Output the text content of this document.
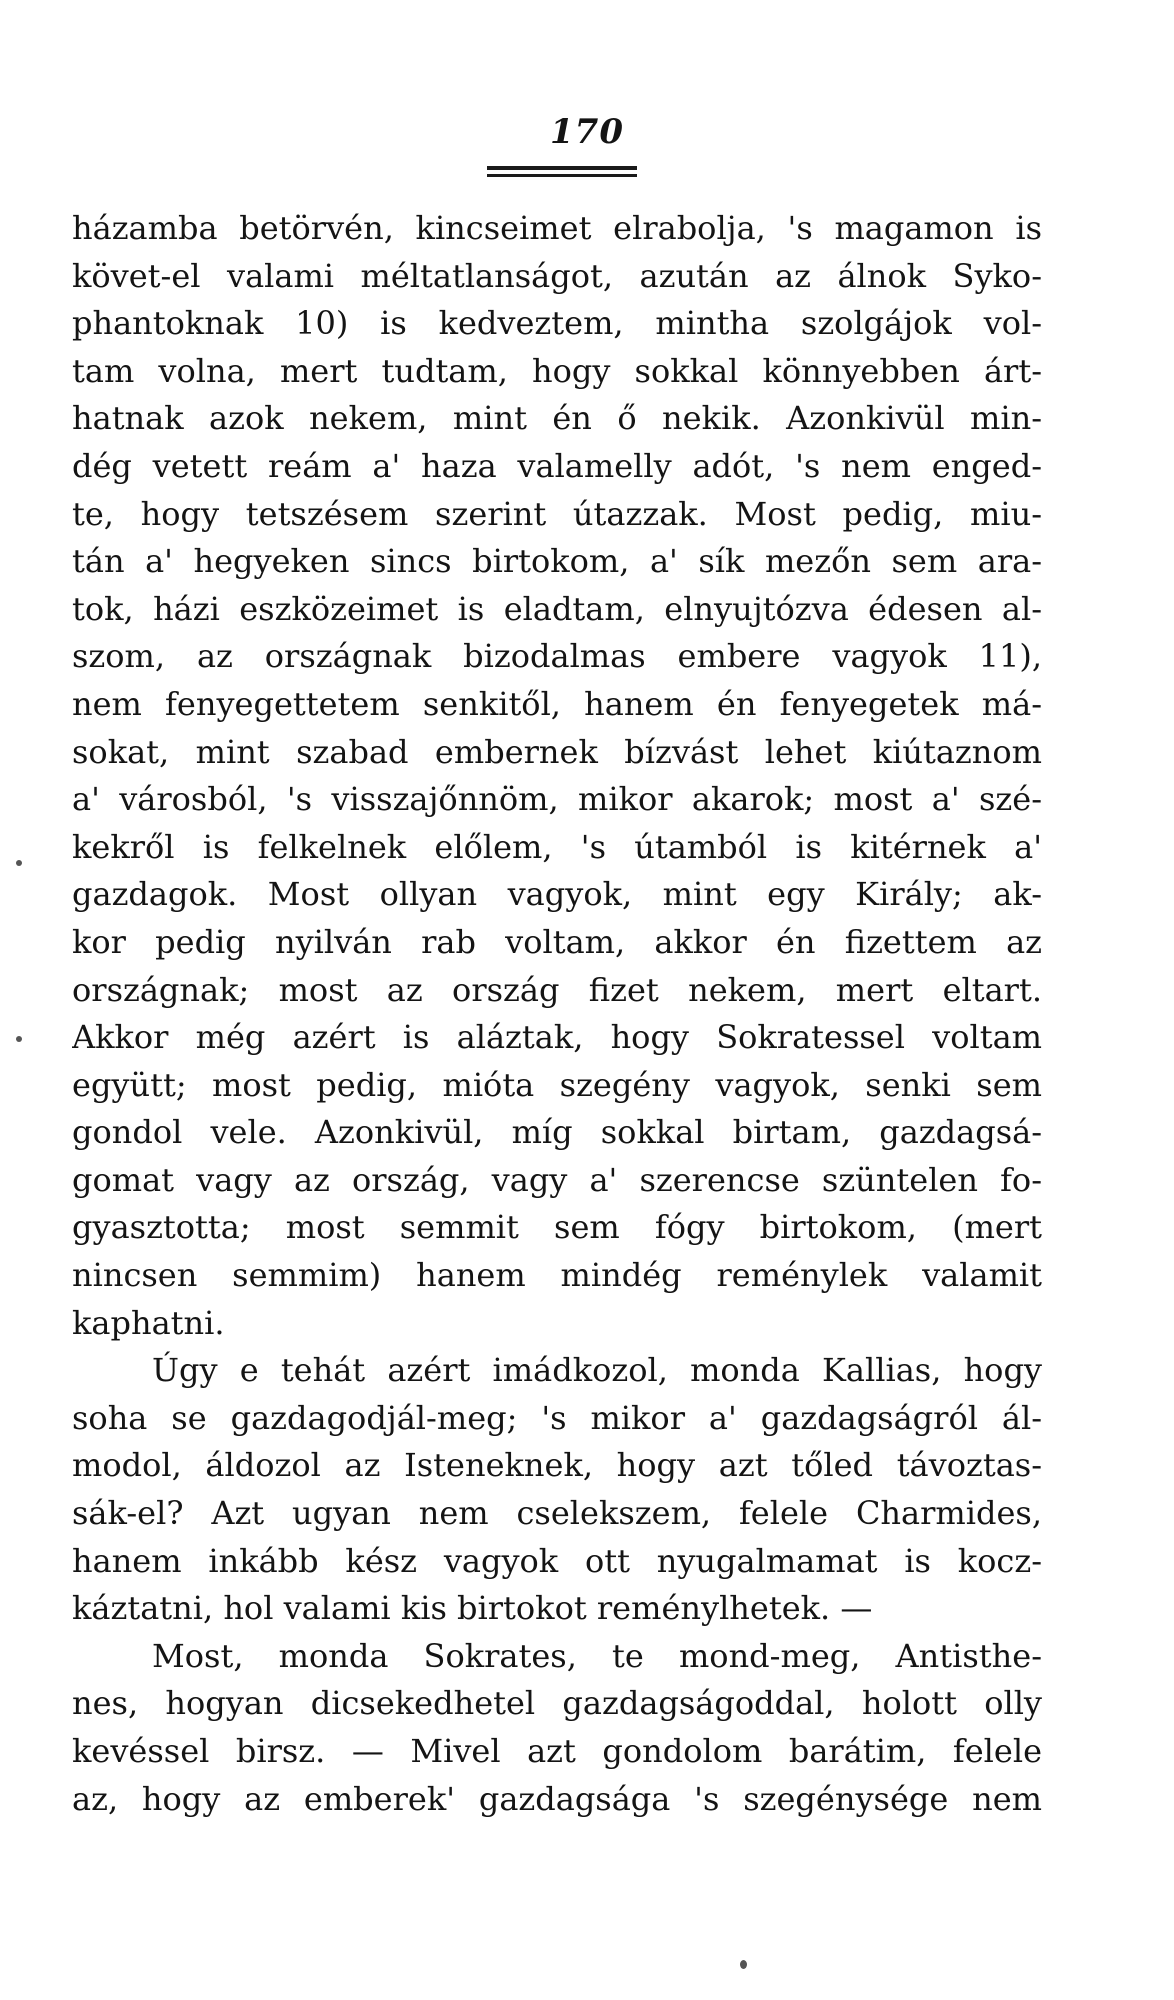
170
házamba betörvén, kincseimet elrabolja, 's magamon is
követ-el valami méltatlanságot, azután az álnok Syko-
phantoknak 10) is kedveztem, mintha szolgájok vol-
tam volna, mert tudtam, hogy sokkal könnyebben árt-
hatnak azok nekem, mint én ő nekik. Azonkivül min-
dég vetett reám a' haza valamelly adót, 's nem enged-
te, hogy tetszésem szerint útazzak. Most pedig, miu-
tán a' hegyeken sincs birtokom, a' sík mezőn sem ara-
tok, házi eszközeimet is eladtam, elnyujtózva édesen al-
szom, az országnak bizodalmas embere vagyok 11),
nem fenyegettetem senkitől, hanem én fenyegetek má-
sokat, mint szabad embernek bízvást lehet kiútaznom
a' városból, 's visszajőnnöm, mikor akarok; most a' szé-
kekről is felkelnek előlem, 's útamból is kitérnek a'
gazdagok. Most ollyan vagyok, mint egy Király; ak-
kor pedig nyilván rab voltam, akkor én fizettem az
országnak; most az ország fizet nekem, mert eltart.
Akkor még azért is aláztak, hogy Sokratessel voltam
együtt; most pedig, mióta szegény vagyok, senki sem
gondol vele. Azonkivül, míg sokkal birtam, gazdagsá-
gomat vagy az ország, vagy a' szerencse szüntelen fo-
gyasztotta; most semmit sem fógy birtokom, (mert
nincsen semmim) hanem mindég reménylek valamit
kaphatni.
Úgy e tehát azért imádkozol, monda Kallias, hogy
soha se gazdagodjál-meg; 's mikor a' gazdagságról ál-
modol, áldozol az Isteneknek, hogy azt tőled távoztas-
sák-el? Azt ugyan nem cselekszem, felele Charmides,
hanem inkább kész vagyok ott nyugalmamat is kocz-
káztatni, hol valami kis birtokot reménylhetek. —
Most, monda Sokrates, te mond-meg, Antisthe-
nes, hogyan dicsekedhetel gazdagságoddal, holott olly
kevéssel birsz. — Mivel azt gondolom barátim, felele
az, hogy az emberek' gazdagsága 's szegénysége nem
